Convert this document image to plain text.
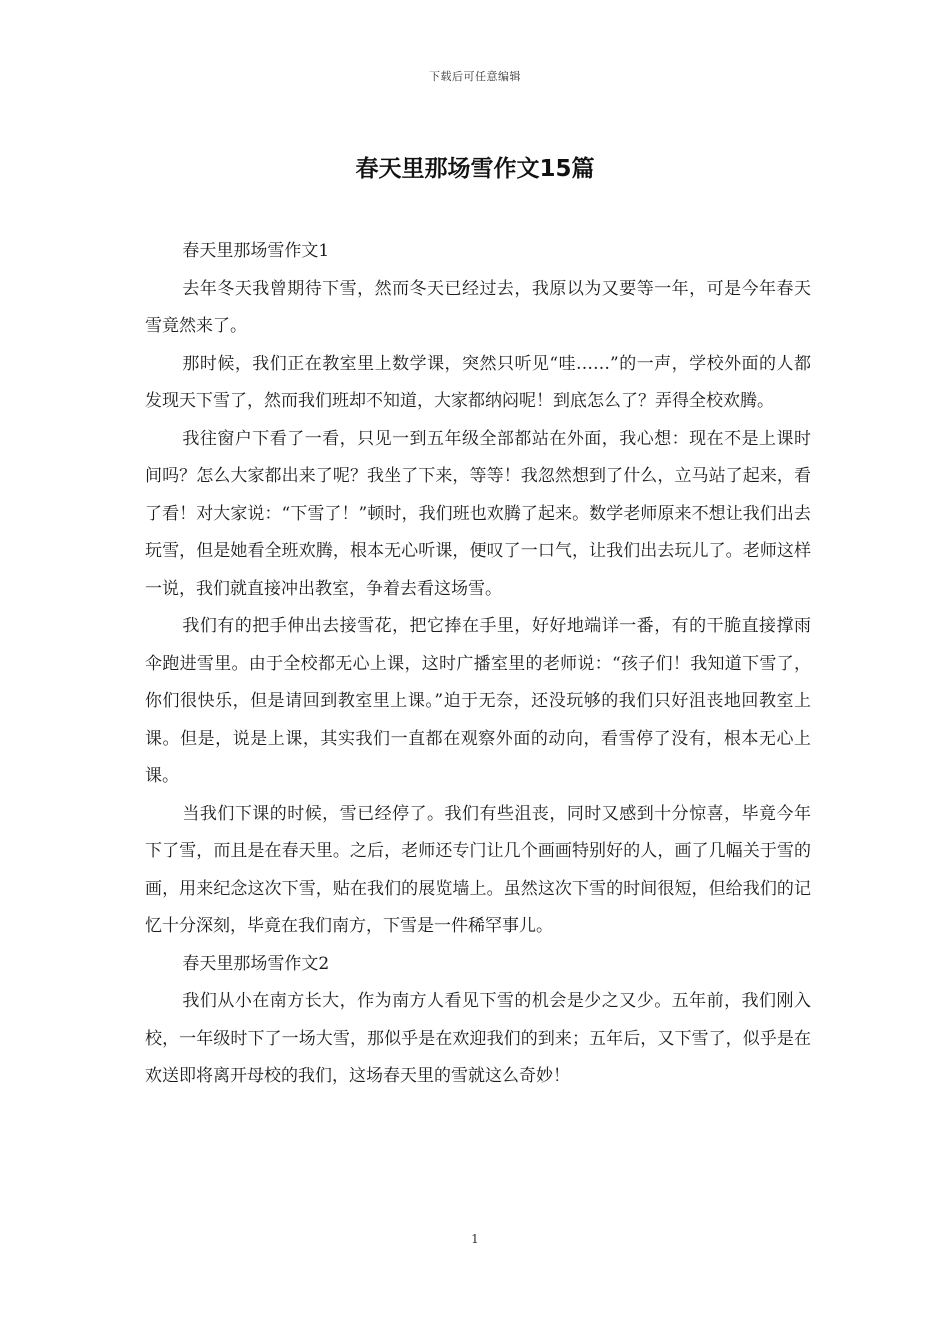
下载后可任意编辑
春天里那场雪作文15篇

春天里那场雪作文1

去年冬天我曾期待下雪，然而冬天已经过去，我原以为又要等一年，可是今年春天雪竟然来了。

那时候，我们正在教室里上数学课，突然只听见“哇……”的一声，学校外面的人都发现天下雪了，然而我们班却不知道，大家都纳闷呢！到底怎么了？弄得全校欢腾。

我往窗户下看了一看，只见一到五年级全部都站在外面，我心想：现在不是上课时间吗？怎么大家都出来了呢？我坐了下来，等等！我忽然想到了什么，立马站了起来，看了看！对大家说：“下雪了！”顿时，我们班也欢腾了起来。数学老师原来不想让我们出去玩雪，但是她看全班欢腾，根本无心听课，便叹了一口气，让我们出去玩儿了。老师这样一说，我们就直接冲出教室，争着去看这场雪。

我们有的把手伸出去接雪花，把它捧在手里，好好地端详一番，有的干脆直接撑雨伞跑进雪里。由于全校都无心上课，这时广播室里的老师说：“孩子们！我知道下雪了，你们很快乐，但是请回到教室里上课。”迫于无奈，还没玩够的我们只好沮丧地回教室上课。但是，说是上课，其实我们一直都在观察外面的动向，看雪停了没有，根本无心上课。

当我们下课的时候，雪已经停了。我们有些沮丧，同时又感到十分惊喜，毕竟今年下了雪，而且是在春天里。之后，老师还专门让几个画画特别好的人，画了几幅关于雪的画，用来纪念这次下雪，贴在我们的展览墙上。虽然这次下雪的时间很短，但给我们的记忆十分深刻，毕竟在我们南方，下雪是一件稀罕事儿。

春天里那场雪作文2

我们从小在南方长大，作为南方人看见下雪的机会是少之又少。五年前，我们刚入校，一年级时下了一场大雪，那似乎是在欢迎我们的到来；五年后，又下雪了，似乎是在欢送即将离开母校的我们，这场春天里的雪就这么奇妙！

1
